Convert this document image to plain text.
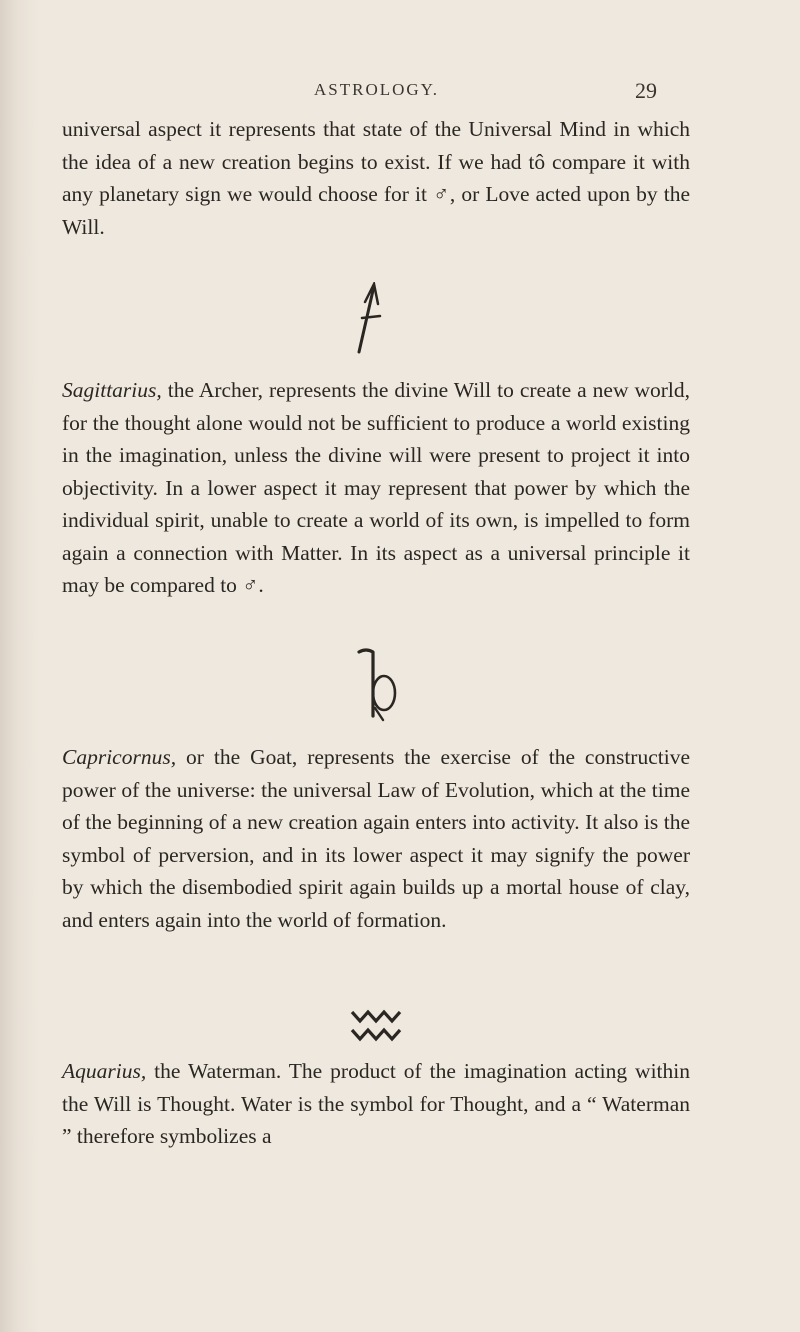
ASTROLOGY.	29
universal aspect it represents that state of the Universal Mind in which the idea of a new creation begins to exist. If we had tô compare it with any planetary sign we would choose for it ♂, or Love acted upon by the Will.
Sagittarius, the Archer, represents the divine Will to create a new world, for the thought alone would not be sufficient to produce a world existing in the imagination, unless the divine will were present to project it into objectivity. In a lower aspect it may represent that power by which the individual spirit, unable to create a world of its own, is impelled to form again a connection with Matter. In its aspect as a universal principle it may be compared to ♂.
Capricornus, or the Goat, represents the exercise of the constructive power of the universe: the universal Law of Evolution, which at the time of the beginning of a new creation again enters into activity. It also is the symbol of perversion, and in its lower aspect it may signify the power by which the disembodied spirit again builds up a mortal house of clay, and enters again into the world of formation.
Aquarius, the Waterman. The product of the imagination acting within the Will is Thought. Water is the symbol for Thought, and a “ Waterman ” therefore symbolizes a
